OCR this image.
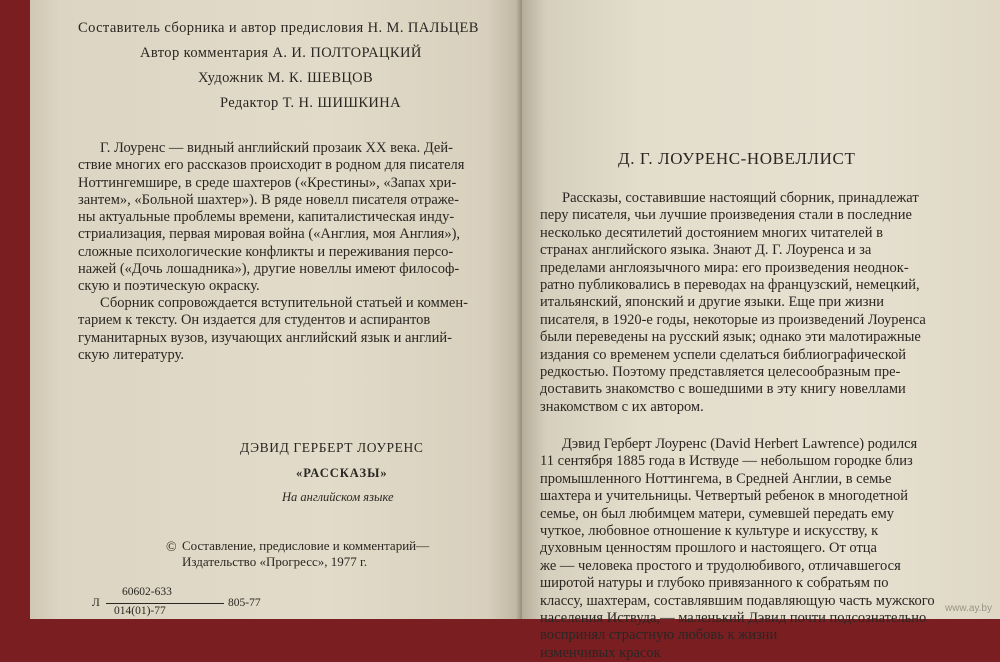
Составитель сборника и автор предисловия Н. М. ПАЛЬЦЕВ
Автор комментария А. И. ПОЛТОРАЦКИЙ
Художник М. К. ШЕВЦОВ
Редактор Т. Н. ШИШКИНА
Г. Лоуренс — видный английский прозаик XX века. Дей-
ствие многих его рассказов происходит в родном для писателя
Ноттингемшире, в среде шахтеров («Крестины», «Запах хри-
зантем», «Больной шахтер»). В ряде новелл писателя отраже-
ны актуальные проблемы времени, капиталистическая инду-
стриализация, первая мировая война («Англия, моя Англия»),
сложные психологические конфликты и переживания персо-
нажей («Дочь лошадника»), другие новеллы имеют философ-
скую и поэтическую окраску.
Сборник сопровождается вступительной статьей и коммен-
тарием к тексту. Он издается для студентов и аспирантов
гуманитарных вузов, изучающих английский язык и англий-
скую литературу.
ДЭВИД ГЕРБЕРТ ЛОУРЕНС
«РАССКАЗЫ»
На английском языке
© Составление, предисловие и комментарий—
Издательство «Прогресс», 1977 г.
Л
60602-633
014(01)-77
805-77
Д. Г. ЛОУРЕНС-НОВЕЛЛИСТ
Рассказы, составившие настоящий сборник, принадлежат
перу писателя, чьи лучшие произведения стали в последние
несколько десятилетий достоянием многих читателей в
странах английского языка. Знают Д. Г. Лоуренса и за
пределами англоязычного мира: его произведения неоднок-
ратно публиковались в переводах на французский, немецкий,
итальянский, японский и другие языки. Еще при жизни
писателя, в 1920-е годы, некоторые из произведений Лоуренса
были переведены на русский язык; однако эти малотиражные
издания со временем успели сделаться библиографической
редкостью. Поэтому представляется целесообразным пре-
доставить знакомство с вошедшими в эту книгу новеллами
знакомством с их автором.
Дэвид Герберт Лоуренс (David Herbert Lawrence) родился
11 сентября 1885 года в Иствуде — небольшом городке близ
промышленного Ноттингема, в Средней Англии, в семье
шахтера и учительницы. Четвертый ребенок в многодетной
семье, он был любимцем матери, сумевшей передать ему
чуткое, любовное отношение к культуре и искусству, к
духовным ценностям прошлого и настоящего. От отца
же — человека простого и трудолюбивого, отличавшегося
широтой натуры и глубоко привязанного к собратьям по
классу, шахтерам, составлявшим подавляющую часть мужского
населения Иствуда,— маленький Дэвид почти подсознательно
воспринял страстную любовь к жизни
изменчивых красок
www.ay.by
